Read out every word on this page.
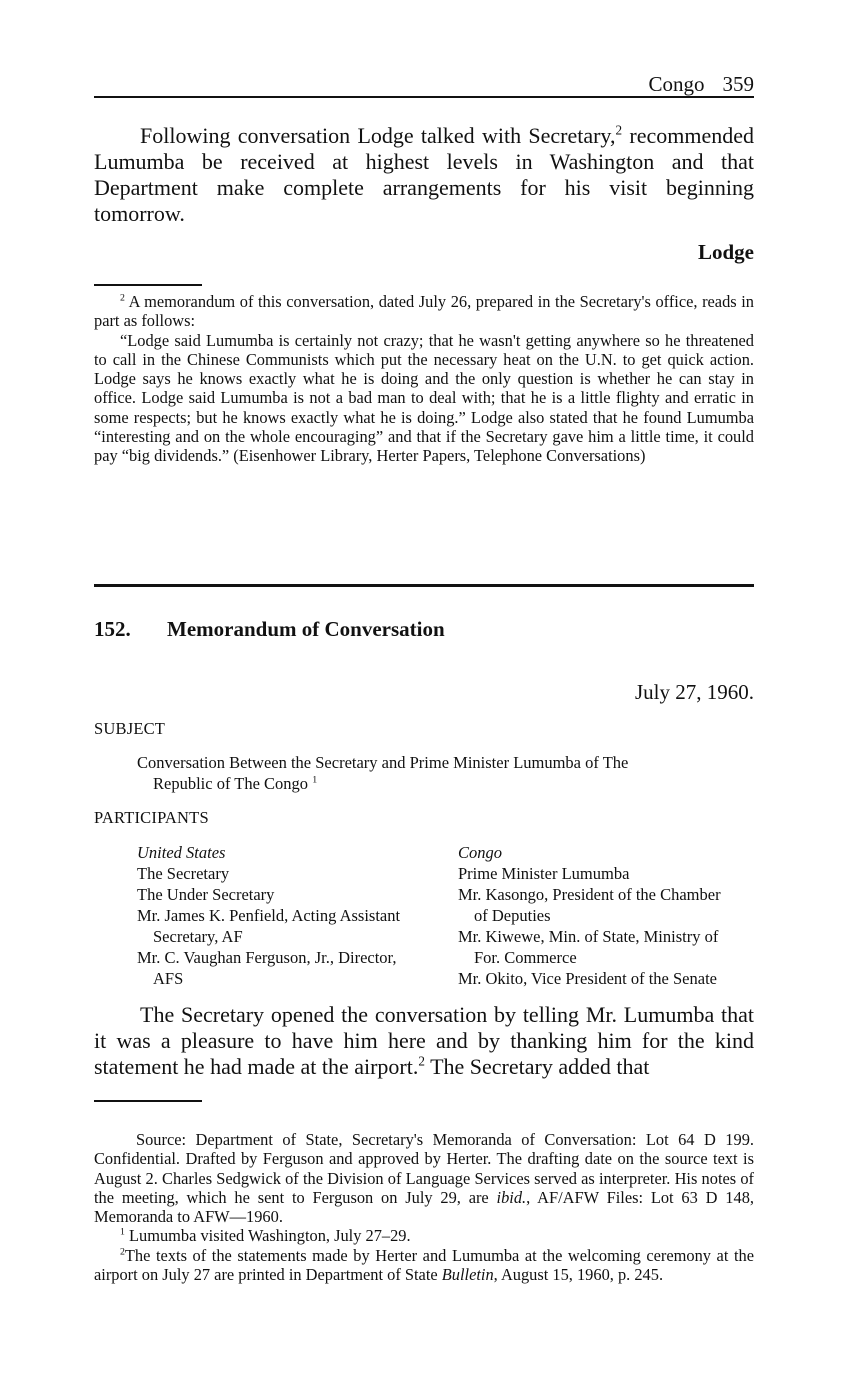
Congo 359

Following conversation Lodge talked with Secretary,$^2$ recommended Lumumba be received at highest levels in Washington and that Department make complete arrangements for his visit beginning tomorrow.

Lodge

$^2$ A memorandum of this conversation, dated July 26, prepared in the Secretary's office, reads in part as follows:

“Lodge said Lumumba is certainly not crazy; that he wasn't getting anywhere so he threatened to call in the Chinese Communists which put the necessary heat on the U.N. to get quick action. Lodge says he knows exactly what he is doing and the only question is whether he can stay in office. Lodge said Lumumba is not a bad man to deal with; that he is a little flighty and erratic in some respects; but he knows exactly what he is doing.” Lodge also stated that he found Lumumba “interesting and on the whole encouraging” and that if the Secretary gave him a little time, it could pay “big dividends.” (Eisenhower Library, Herter Papers, Telephone Conversations)

152. Memorandum of Conversation
July 27, 1960.
SUBJECT
Conversation Between the Secretary and Prime Minister Lumumba of The
Republic of The Congo $^1$
PARTICIPANTS
United States
The Secretary
The Under Secretary
Mr. James K. Penfield, Acting Assistant
Secretary, AF
Mr. C. Vaughan Ferguson, Jr., Director,
AFS
Congo
Prime Minister Lumumba
Mr. Kasongo, President of the Chamber
of Deputies
Mr. Kiwewe, Min. of State, Ministry of
For. Commerce
Mr. Okito, Vice President of the Senate

The Secretary opened the conversation by telling Mr. Lumumba that it was a pleasure to have him here and by thanking him for the kind statement he had made at the airport.$^2$ The Secretary added that

Source: Department of State, Secretary's Memoranda of Conversation: Lot 64 D 199. Confidential. Drafted by Ferguson and approved by Herter. The drafting date on the source text is August 2. Charles Sedgwick of the Division of Language Services served as interpreter. His notes of the meeting, which he sent to Ferguson on July 29, are ibid., AF/AFW Files: Lot 63 D 148, Memoranda to AFW—1960.

$^1$ Lumumba visited Washington, July 27–29.

$^2$The texts of the statements made by Herter and Lumumba at the welcoming ceremony at the airport on July 27 are printed in Department of State Bulletin, August 15, 1960, p. 245.
